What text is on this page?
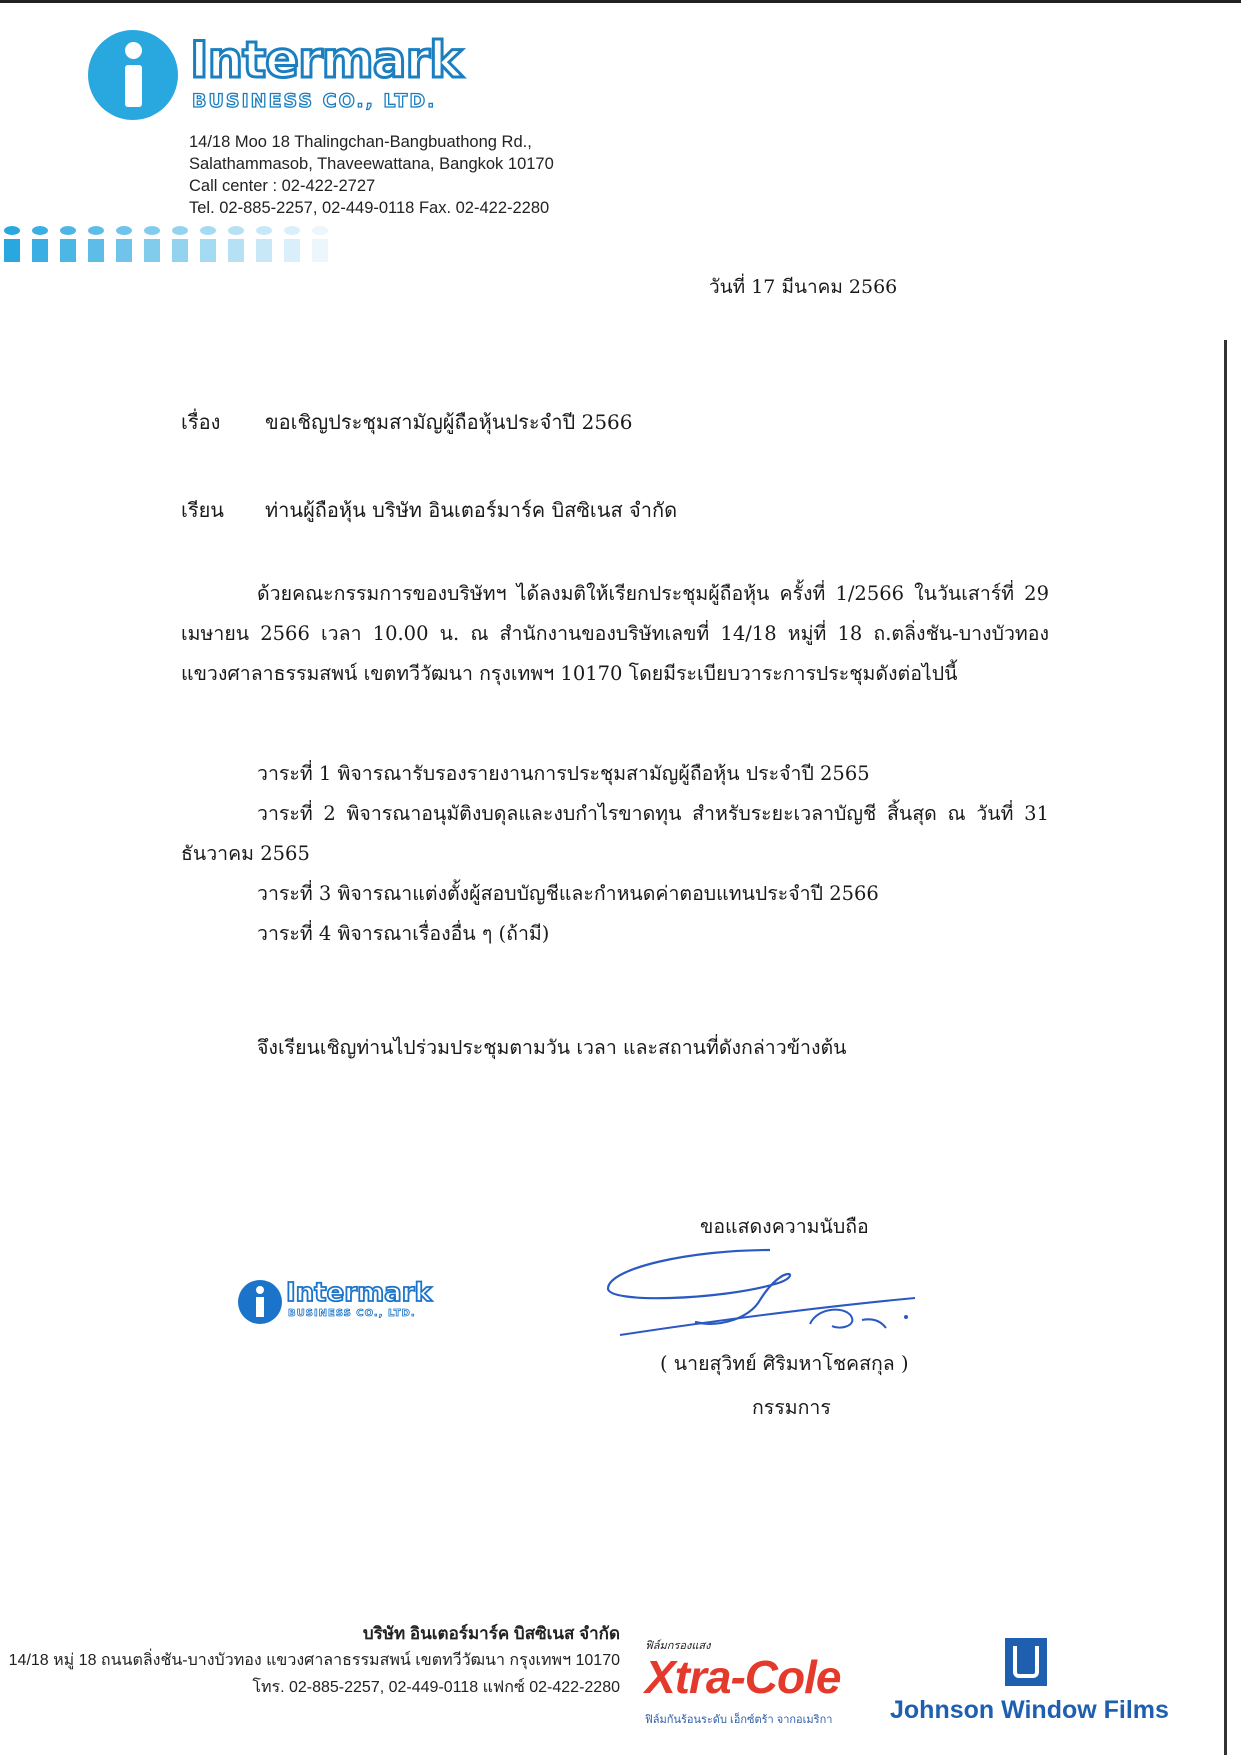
Intermark
BUSINESS CO., LTD.
14/18 Moo 18 Thalingchan-Bangbuathong Rd.,
Salathammasob, Thaveewattana, Bangkok 10170
Call center : 02-422-2727
Tel. 02-885-2257, 02-449-0118 Fax. 02-422-2280
วันที่ 17 มีนาคม 2566
เรื่อง ขอเชิญประชุมสามัญผู้ถือหุ้นประจำปี 2566
เรียน ท่านผู้ถือหุ้น บริษัท อินเตอร์มาร์ค บิสซิเนส จำกัด
ด้วยคณะกรรมการของบริษัทฯ ได้ลงมติให้เรียกประชุมผู้ถือหุ้น ครั้งที่ 1/2566 ในวันเสาร์ที่ 29 เมษายน 2566 เวลา 10.00 น. ณ สำนักงานของบริษัทเลขที่ 14/18 หมู่ที่ 18 ถ.ตลิ่งชัน-บางบัวทอง แขวงศาลาธรรมสพน์ เขตทวีวัฒนา กรุงเทพฯ 10170 โดยมีระเบียบวาระการประชุมดังต่อไปนี้
วาระที่ 1 พิจารณารับรองรายงานการประชุมสามัญผู้ถือหุ้น ประจำปี 2565
วาระที่ 2 พิจารณาอนุมัติงบดุลและงบกำไรขาดทุน สำหรับระยะเวลาบัญชี สิ้นสุด ณ วันที่ 31 ธันวาคม 2565
วาระที่ 3 พิจารณาแต่งตั้งผู้สอบบัญชีและกำหนดค่าตอบแทนประจำปี 2566
วาระที่ 4 พิจารณาเรื่องอื่น ๆ (ถ้ามี)
จึงเรียนเชิญท่านไปร่วมประชุมตามวัน เวลา และสถานที่ดังกล่าวข้างต้น
ขอแสดงความนับถือ
( นายสุวิทย์ ศิริมหาโชคสกุล )
กรรมการ
Intermark
BUSINESS CO., LTD.
บริษัท อินเตอร์มาร์ค บิสซิเนส จำกัด
14/18 หมู่ 18 ถนนตลิ่งชัน-บางบัวทอง แขวงศาลาธรรมสพน์ เขตทวีวัฒนา กรุงเทพฯ 10170
โทร. 02-885-2257, 02-449-0118 แฟกซ์ 02-422-2280
ฟิล์มกรองแสง
Xtra-Cole
ฟิล์มกันร้อนระดับ เอ็กซ์ตร้า จากอเมริกา Johnson Window Films
